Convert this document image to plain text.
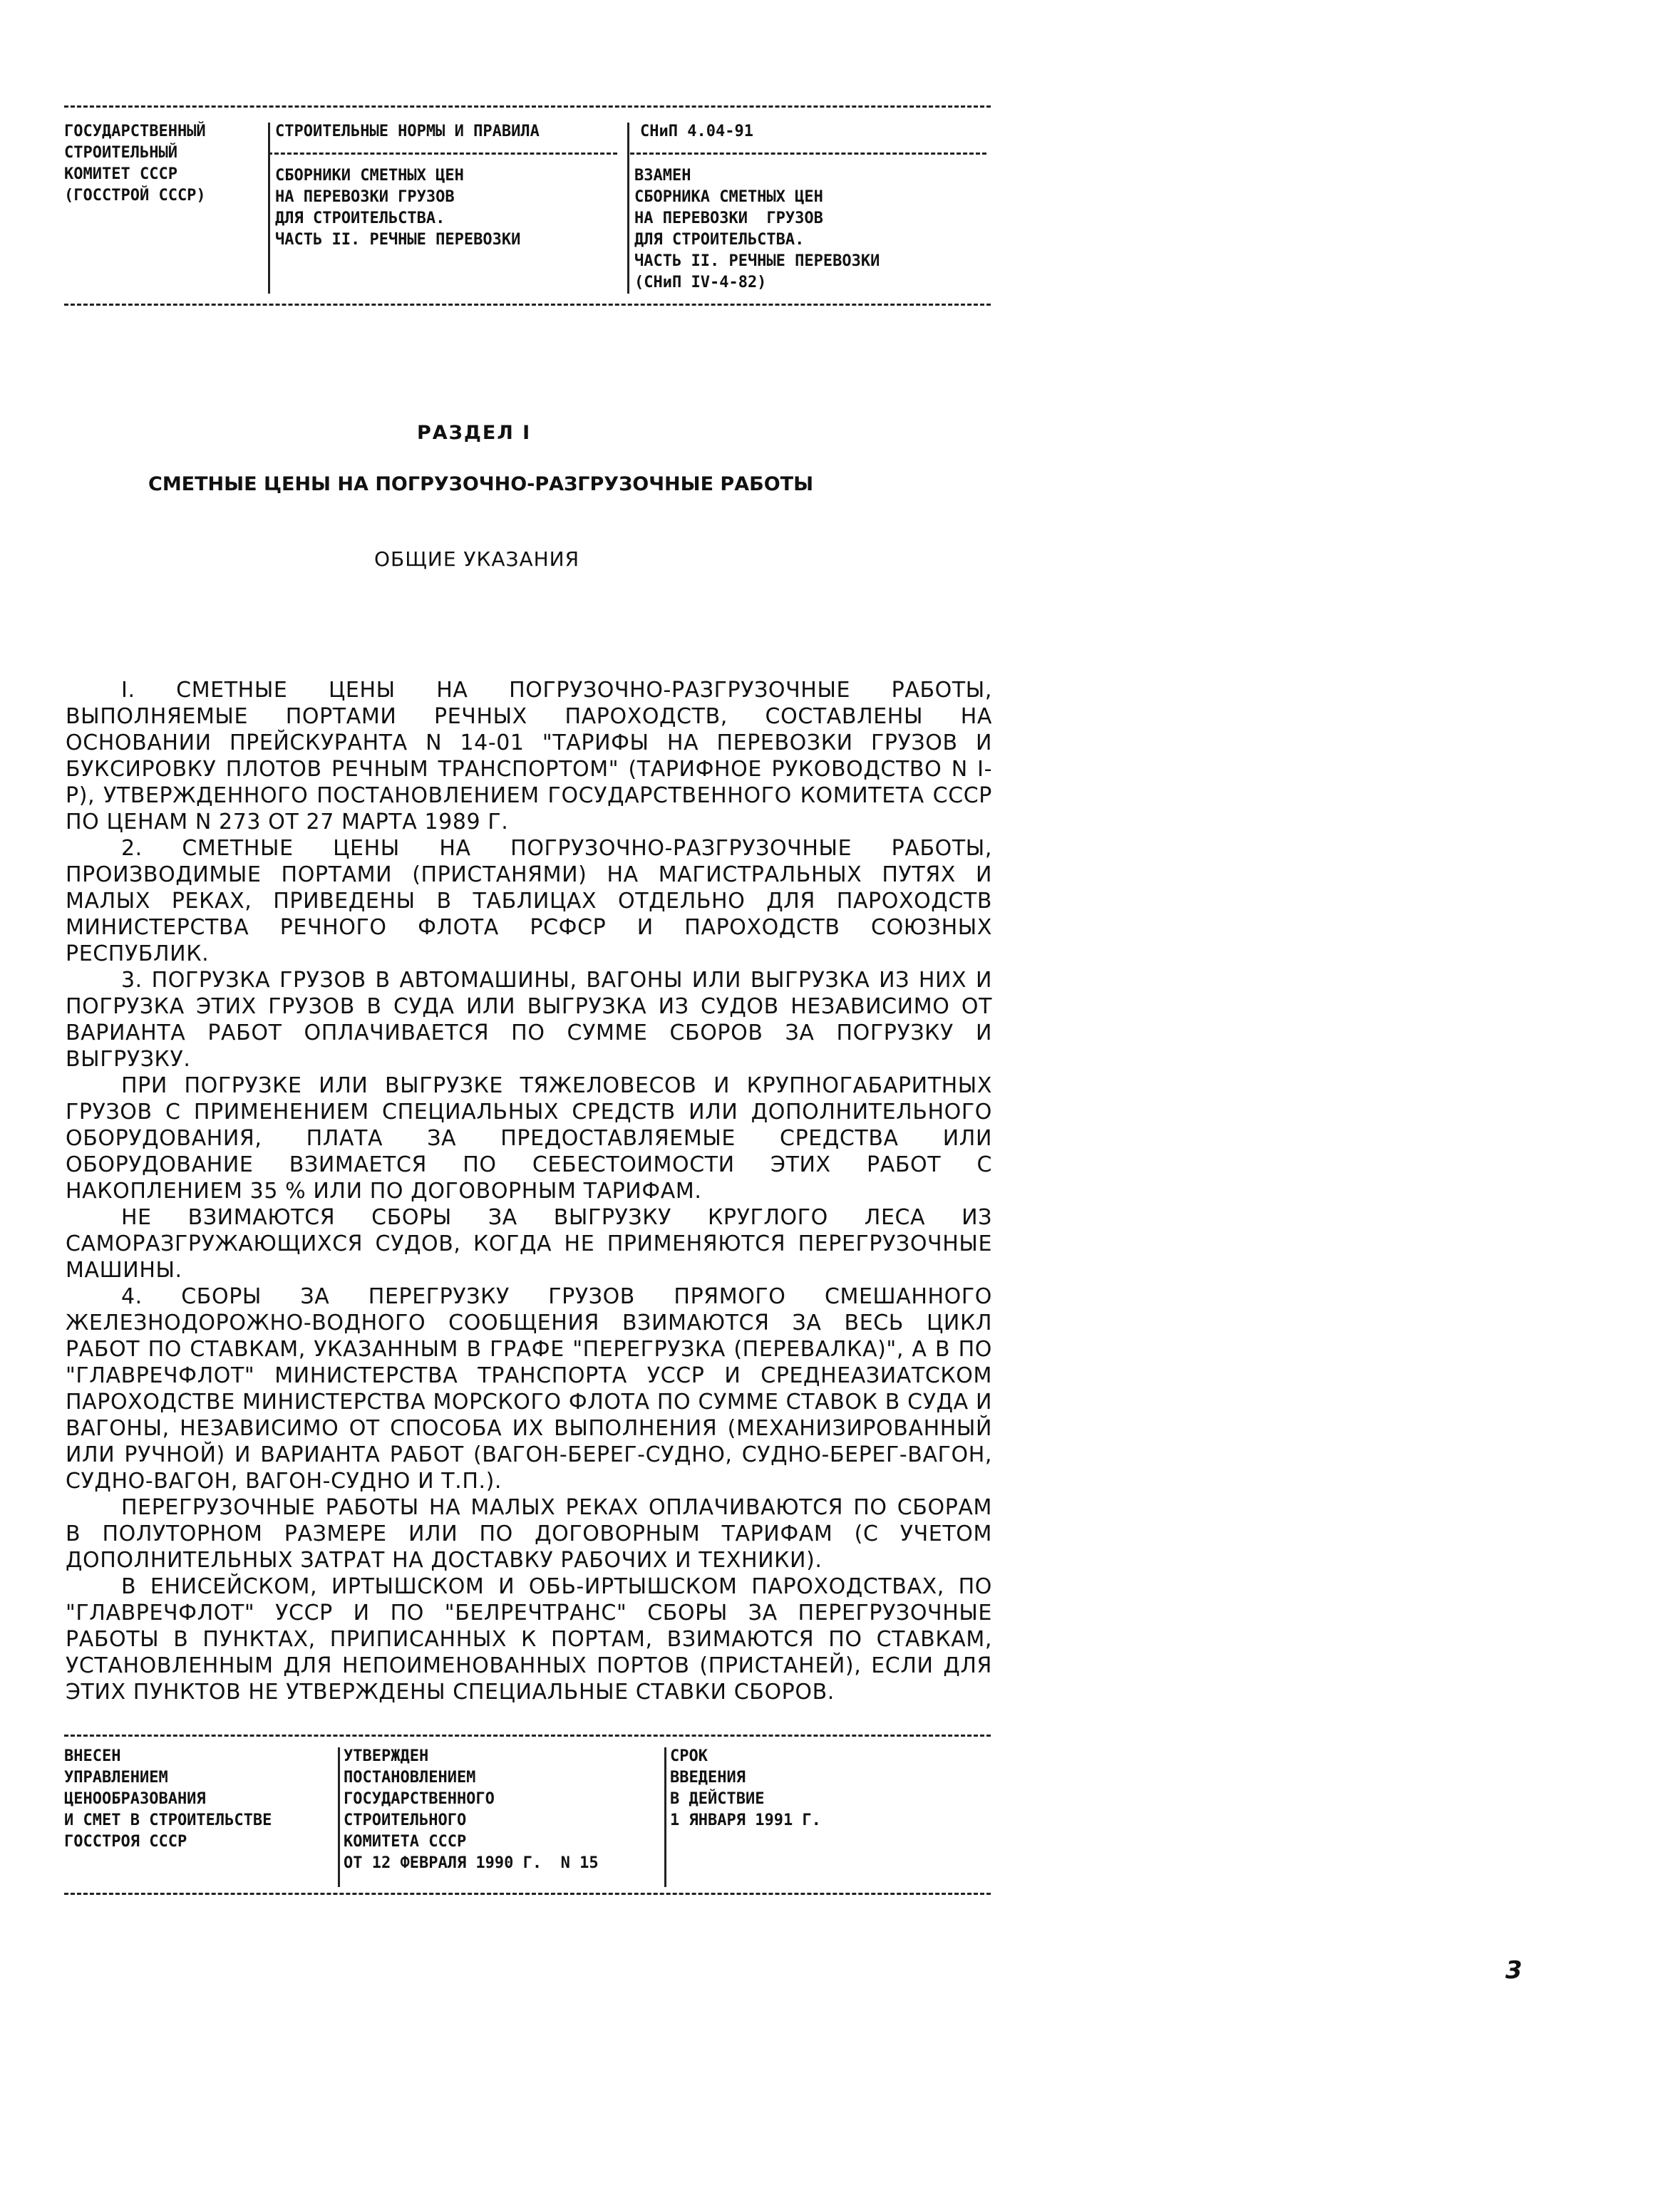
ГОСУДАРСТВЕННЫЙ
СТРОИТЕЛЬНЫЙ
КОМИТЕТ СССР
(ГОССТРОЙ СССР)
СТРОИТЕЛЬНЫЕ НОРМЫ И ПРАВИЛА
СБОРНИКИ СМЕТНЫХ ЦЕН
НА ПЕРЕВОЗКИ ГРУЗОВ
ДЛЯ СТРОИТЕЛЬСТВА.
ЧАСТЬ II. РЕЧНЫЕ ПЕРЕВОЗКИ
СНиП 4.04-91
ВЗАМЕН
СБОРНИКА СМЕТНЫХ ЦЕН
НА ПЕРЕВОЗКИ  ГРУЗОВ
ДЛЯ СТРОИТЕЛЬСТВА.
ЧАСТЬ II. РЕЧНЫЕ ПЕРЕВОЗКИ
(СНиП IV-4-82)
РАЗДЕЛ I
СМЕТНЫЕ ЦЕНЫ НА ПОГРУЗОЧНО-РАЗГРУЗОЧНЫЕ РАБОТЫ
ОБЩИЕ УКАЗАНИЯ

I. СМЕТНЫЕ ЦЕНЫ НА ПОГРУЗОЧНО-РАЗГРУЗОЧНЫЕ РАБОТЫ, ВЫПОЛНЯЕМЫЕ ПОРТАМИ РЕЧНЫХ ПАРОХОДСТВ, СОСТАВЛЕНЫ НА ОСНОВАНИИ ПРЕЙСКУРАНТА N 14-01 "ТАРИФЫ НА ПЕРЕВОЗКИ ГРУЗОВ И БУКСИРОВКУ ПЛОТОВ РЕЧНЫМ ТРАНСПОРТОМ" (ТАРИФНОЕ РУКОВОДСТВО N I-Р), УТВЕРЖДЕННОГО ПОСТАНОВЛЕНИЕМ ГОСУДАРСТВЕННОГО КОМИТЕТА СССР ПО ЦЕНАМ N 273 ОТ 27 МАРТА 1989 Г.

2. СМЕТНЫЕ ЦЕНЫ НА ПОГРУЗОЧНО-РАЗГРУЗОЧНЫЕ РАБОТЫ, ПРОИЗВОДИМЫЕ ПОРТАМИ (ПРИСТАНЯМИ) НА МАГИСТРАЛЬНЫХ ПУТЯХ И МАЛЫХ РЕКАХ, ПРИВЕДЕНЫ В ТАБЛИЦАХ ОТДЕЛЬНО ДЛЯ ПАРОХОДСТВ МИНИСТЕРСТВА РЕЧНОГО ФЛОТА РСФСР И ПАРОХОДСТВ СОЮЗНЫХ РЕСПУБЛИК.

3. ПОГРУЗКА ГРУЗОВ В АВТОМАШИНЫ, ВАГОНЫ ИЛИ ВЫГРУЗКА ИЗ НИХ И ПОГРУЗКА ЭТИХ ГРУЗОВ В СУДА ИЛИ ВЫГРУЗКА ИЗ СУДОВ НЕЗАВИСИМО ОТ ВАРИАНТА РАБОТ ОПЛАЧИВАЕТСЯ ПО СУММЕ СБОРОВ ЗА ПОГРУЗКУ И ВЫГРУЗКУ.

ПРИ ПОГРУЗКЕ ИЛИ ВЫГРУЗКЕ ТЯЖЕЛОВЕСОВ И КРУПНОГАБАРИТНЫХ ГРУЗОВ С ПРИМЕНЕНИЕМ СПЕЦИАЛЬНЫХ СРЕДСТВ ИЛИ ДОПОЛНИТЕЛЬНОГО ОБОРУДОВАНИЯ, ПЛАТА ЗА ПРЕДОСТАВЛЯЕМЫЕ СРЕДСТВА ИЛИ ОБОРУДОВАНИЕ ВЗИМАЕТСЯ ПО СЕБЕСТОИМОСТИ ЭТИХ РАБОТ С НАКОПЛЕНИЕМ 35 % ИЛИ ПО ДОГОВОРНЫМ ТАРИФАМ.

НЕ ВЗИМАЮТСЯ СБОРЫ ЗА ВЫГРУЗКУ КРУГЛОГО ЛЕСА ИЗ САМОРАЗГРУЖАЮЩИХСЯ СУДОВ, КОГДА НЕ ПРИМЕНЯЮТСЯ ПЕРЕГРУЗОЧНЫЕ МАШИНЫ.

4. СБОРЫ ЗА ПЕРЕГРУЗКУ ГРУЗОВ ПРЯМОГО СМЕШАННОГО ЖЕЛЕЗНОДОРОЖНО-ВОДНОГО СООБЩЕНИЯ ВЗИМАЮТСЯ ЗА ВЕСЬ ЦИКЛ РАБОТ ПО СТАВКАМ, УКАЗАННЫМ В ГРАФЕ "ПЕРЕГРУЗКА (ПЕРЕВАЛКА)", А В ПО "ГЛАВРЕЧФЛОТ" МИНИСТЕРСТВА ТРАНСПОРТА УССР И СРЕДНЕАЗИАТСКОМ ПАРОХОДСТВЕ МИНИСТЕРСТВА МОРСКОГО ФЛОТА ПО СУММЕ СТАВОК В СУДА И ВАГОНЫ, НЕЗАВИСИМО ОТ СПОСОБА ИХ ВЫПОЛНЕНИЯ (МЕХАНИЗИРОВАННЫЙ ИЛИ РУЧНОЙ) И ВАРИАНТА РАБОТ (ВАГОН-БЕРЕГ-СУДНО, СУДНО-БЕРЕГ-ВАГОН, СУДНО-ВАГОН, ВАГОН-СУДНО И Т.П.).

ПЕРЕГРУЗОЧНЫЕ РАБОТЫ НА МАЛЫХ РЕКАХ ОПЛАЧИВАЮТСЯ ПО СБОРАМ В ПОЛУТОРНОМ РАЗМЕРЕ ИЛИ ПО ДОГОВОРНЫМ ТАРИФАМ (С УЧЕТОМ ДОПОЛНИТЕЛЬНЫХ ЗАТРАТ НА ДОСТАВКУ РАБОЧИХ И ТЕХНИКИ).

В ЕНИСЕЙСКОМ, ИРТЫШСКОМ И ОБЬ-ИРТЫШСКОМ ПАРОХОДСТВАХ, ПО "ГЛАВРЕЧФЛОТ" УССР И ПО "БЕЛРЕЧТРАНС" СБОРЫ ЗА ПЕРЕГРУЗОЧНЫЕ РАБОТЫ В ПУНКТАХ, ПРИПИСАННЫХ К ПОРТАМ, ВЗИМАЮТСЯ ПО СТАВКАМ, УСТАНОВЛЕННЫМ ДЛЯ НЕПОИМЕНОВАННЫХ ПОРТОВ (ПРИСТАНЕЙ), ЕСЛИ ДЛЯ ЭТИХ ПУНКТОВ НЕ УТВЕРЖДЕНЫ СПЕЦИАЛЬНЫЕ СТАВКИ СБОРОВ.

ВНЕСЕН
УПРАВЛЕНИЕМ
ЦЕНООБРАЗОВАНИЯ
И СМЕТ В СТРОИТЕЛЬСТВЕ
ГОССТРОЯ СССР
УТВЕРЖДЕН
ПОСТАНОВЛЕНИЕМ
ГОСУДАРСТВЕННОГО
СТРОИТЕЛЬНОГО
КОМИТЕТА СССР
ОТ 12 ФЕВРАЛЯ 1990 Г.  N 15
СРОК
ВВЕДЕНИЯ
В ДЕЙСТВИЕ
1 ЯНВАРЯ 1991 Г.
3
